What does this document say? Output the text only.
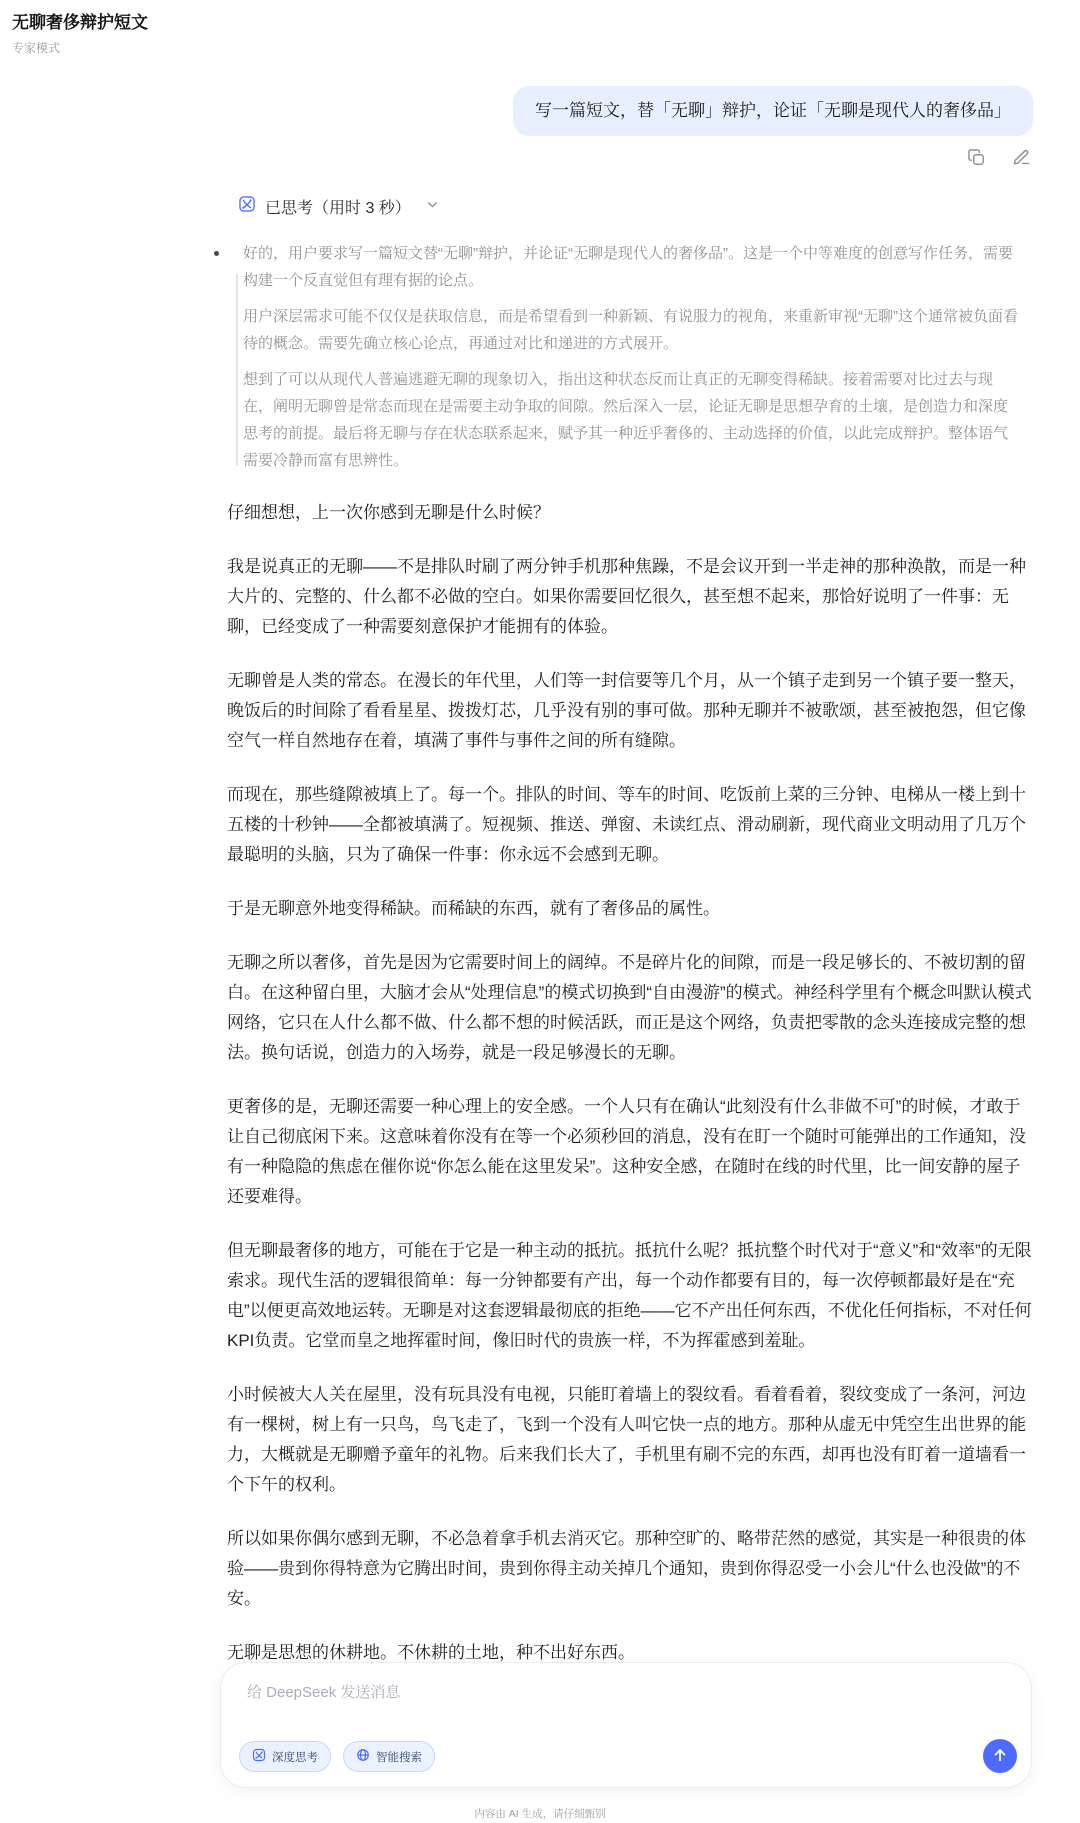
无聊奢侈辩护短文
专家模式
写一篇短文，替「无聊」辩护，论证「无聊是现代人的奢侈品」
已思考（用时 3 秒）

好的，用户要求写一篇短文替“无聊”辩护，并论证“无聊是现代人的奢侈品”。这是一个中等难度的创意写作任务，需要构建一个反直觉但有理有据的论点。

用户深层需求可能不仅仅是获取信息，而是希望看到一种新颖、有说服力的视角，来重新审视“无聊”这个通常被负面看待的概念。需要先确立核心论点，再通过对比和递进的方式展开。

想到了可以从现代人普遍逃避无聊的现象切入，指出这种状态反而让真正的无聊变得稀缺。接着需要对比过去与现在，阐明无聊曾是常态而现在是需要主动争取的间隙。然后深入一层，论证无聊是思想孕育的土壤，是创造力和深度思考的前提。最后将无聊与存在状态联系起来，赋予其一种近乎奢侈的、主动选择的价值，以此完成辩护。整体语气需要冷静而富有思辨性。

仔细想想，上一次你感到无聊是什么时候？

我是说真正的无聊——不是排队时刷了两分钟手机那种焦躁，不是会议开到一半走神的那种涣散，而是一种大片的、完整的、什么都不必做的空白。如果你需要回忆很久，甚至想不起来，那恰好说明了一件事：无聊，已经变成了一种需要刻意保护才能拥有的体验。

无聊曾是人类的常态。在漫长的年代里，人们等一封信要等几个月，从一个镇子走到另一个镇子要一整天，晚饭后的时间除了看看星星、拨拨灯芯，几乎没有别的事可做。那种无聊并不被歌颂，甚至被抱怨，但它像空气一样自然地存在着，填满了事件与事件之间的所有缝隙。

而现在，那些缝隙被填上了。每一个。排队的时间、等车的时间、吃饭前上菜的三分钟、电梯从一楼上到十五楼的十秒钟——全都被填满了。短视频、推送、弹窗、未读红点、滑动刷新，现代商业文明动用了几万个最聪明的头脑，只为了确保一件事：你永远不会感到无聊。

于是无聊意外地变得稀缺。而稀缺的东西，就有了奢侈品的属性。

无聊之所以奢侈，首先是因为它需要时间上的阔绰。不是碎片化的间隙，而是一段足够长的、不被切割的留白。在这种留白里，大脑才会从“处理信息”的模式切换到“自由漫游”的模式。神经科学里有个概念叫默认模式网络，它只在人什么都不做、什么都不想的时候活跃，而正是这个网络，负责把零散的念头连接成完整的想法。换句话说，创造力的入场券，就是一段足够漫长的无聊。

更奢侈的是，无聊还需要一种心理上的安全感。一个人只有在确认“此刻没有什么非做不可”的时候，才敢于让自己彻底闲下来。这意味着你没有在等一个必须秒回的消息，没有在盯一个随时可能弹出的工作通知，没有一种隐隐的焦虑在催你说“你怎么能在这里发呆”。这种安全感，在随时在线的时代里，比一间安静的屋子还要难得。

但无聊最奢侈的地方，可能在于它是一种主动的抵抗。抵抗什么呢？抵抗整个时代对于“意义”和“效率”的无限索求。现代生活的逻辑很简单：每一分钟都要有产出，每一个动作都要有目的，每一次停顿都最好是在“充电”以便更高效地运转。无聊是对这套逻辑最彻底的拒绝——它不产出任何东西，不优化任何指标，不对任何KPI负责。它堂而皇之地挥霍时间，像旧时代的贵族一样，不为挥霍感到羞耻。

小时候被大人关在屋里，没有玩具没有电视，只能盯着墙上的裂纹看。看着看着，裂纹变成了一条河，河边有一棵树，树上有一只鸟，鸟飞走了，飞到一个没有人叫它快一点的地方。那种从虚无中凭空生出世界的能力，大概就是无聊赠予童年的礼物。后来我们长大了，手机里有刷不完的东西，却再也没有盯着一道墙看一个下午的权利。

所以如果你偶尔感到无聊，不必急着拿手机去消灭它。那种空旷的、略带茫然的感觉，其实是一种很贵的体验——贵到你得特意为它腾出时间，贵到你得主动关掉几个通知，贵到你得忍受一小会儿“什么也没做”的不安。

无聊是思想的休耕地。不休耕的土地，种不出好东西。

给 DeepSeek 发送消息
深度思考	智能搜索
内容由 AI 生成，请仔细甄别
